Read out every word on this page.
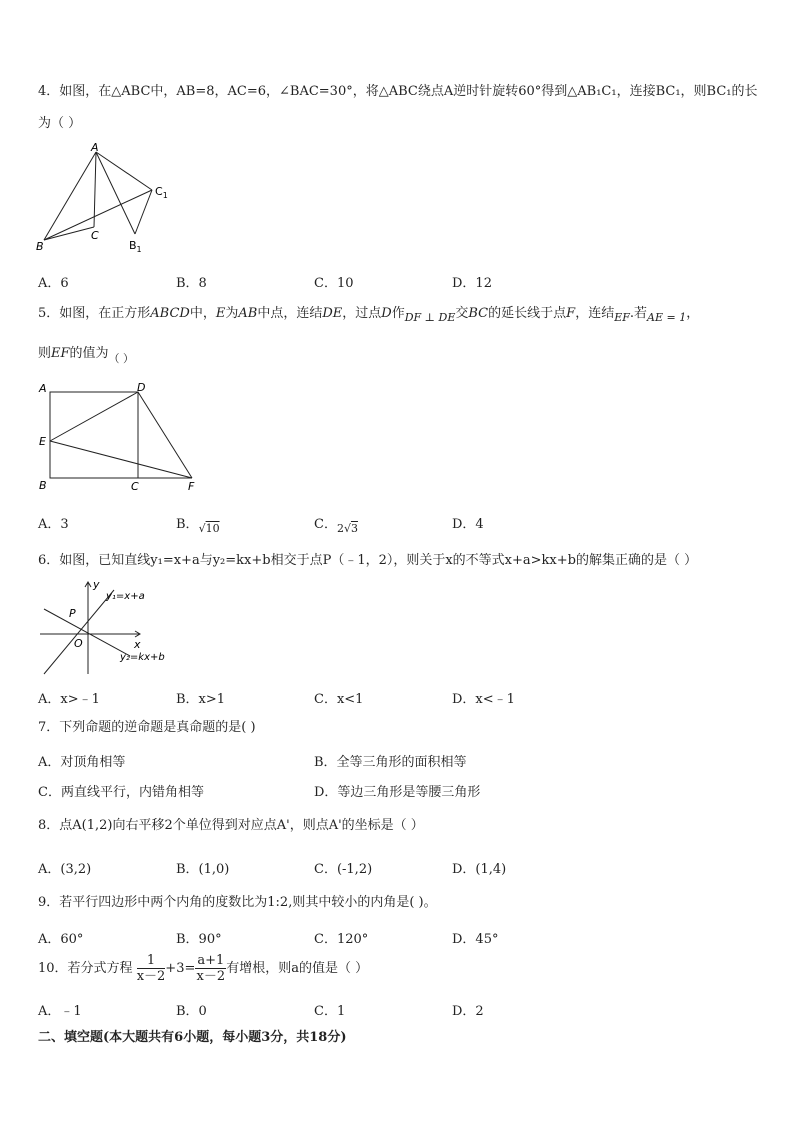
4．如图，在△ABC中，AB=8，AC=6，∠BAC=30°，将△ABC绕点A逆时针旋转60°得到△AB₁C₁，连接BC₁，则BC₁的长
为（ ）
A
B
C
$B_1$
$C_1$
A．6	B．8	C．10	D．12
5．如图，在正方形ABCD中，E为AB中点，连结DE，过点D作$_{DF \perp DE}$交BC的延长线于点F，连结$_{EF}$.若$_{AE = 1}$，
则EF的值为$_{( )}$
A	D
E
B	C	F
A．3	B．$_{√10}$	C．$_{2√3}$	D．4
6．如图，已知直线y₁=x+a与y₂=kx+b相交于点P（﹣1，2），则关于x的不等式x+a>kx+b的解集正确的是（ ）
y
x
P
O
y₁=x+a
y₂=kx+b
A．x>﹣1	B．x>1	C．x<1	D．x<﹣1
7．下列命题的逆命题是真命题的是( )
A．对顶角相等	B．全等三角形的面积相等
C．两直线平行，内错角相等	D．等边三角形是等腰三角形
8．点A(1,2)向右平移2个单位得到对应点A'，则点A'的坐标是（ ）
A．(3,2)	B．(1,0)	C．(-1,2)	D．(1,4)
9．若平行四边形中两个内角的度数比为1:2,则其中较小的内角是( )。
A．60°	B．90°	C．120°	D．45°
10．若分式方程 $\frac{1}{x-2} +3= \frac{a+1}{x-2}$ 有增根，则a的值是（ ）
A．﹣1	B．0	C．1	D．2
二、填空题(本大题共有6小题，每小题3分，共18分)
